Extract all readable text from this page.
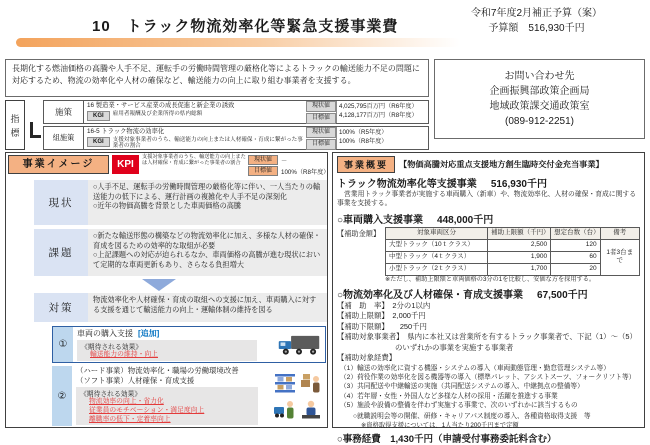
10　トラック物流効率化等緊急支援事業費
令和7年度2月補正予算（案）
予算額　516,930千円
長期化する燃油価格の高騰や人手不足、運転手の労働時間管理の厳格化等によるトラックの輸送能力不足の問題に対応するため、物流の効率化や人材の確保など、輸送能力の向上に取り組む事業者を支援する。	お問い合わせ先
企画振興部政策企画局
地域政策課交通政策室
(089-912-2251)
指
標
施策
16 製造業・サービス産業の成長促進と新企業の誘致
KGI	雇用者報酬及び企業所得の県内総額
現状値
目標値
4,025,795百万円（R6年度）
4,128,177百万円（R8年度）
組施策
16-5 トラック物流の効率化
KGI	支援対象事業者のうち、輸送能力の向上または人材確保・育成に繋がった事業者の割合
現状値
目標値
100%（R5年度）
100%（R8年度）
事業イメージ	KPI
支援対象事業者のうち、輸送能力の向上または人材確保・育成に繋がった事業者の割合
現状値	－
目標値	100%（R8年度）
現状
○人手不足、運転手の労働時間管理の厳格化等に伴い、一人当たりの輸送能力の低下による、運行計画の複雑化や人手不足の深刻化
○近年の物価高騰を背景とした車両価格の高騰
課題
○新たな輸送形態の構築などの物流効率化に加え、多様な人材の確保・育成を図るための効率的な取組が必要
○上記課題への対応が迫られるなか、車両価格の高騰が進む現状において定期的な車両更新もあり、さらなる負担増大
対策
物流効率化や人材確保・育成の取組への支援に加え、車両購入に対する支援を通じて輸送能力の向上・運輸体制の維持を図る
①
車両の購入支援 [追加]
《期待される効果》
輸送能力の維持・向上
②
（ハード事業）物流効率化・職場の労働環境改善
（ソフト事業）人材確保・育成支援
《期待される効果》
物流効率の向上・省力化
従業員のモチベーション・満足度向上
離職率の低下・定着率向上
事業概要	【物価高騰対応重点支援地方創生臨時交付金充当事業】
トラック物流効率化等支援事業 516,930千円
営業用トラック事業者が実施する車両購入（新車）や、物流効率化、人材の確保・育成に関する事業を支援する。
○車両購入支援事業 448,000千円
【補助金額】	対象車両区分	補助上限額（千円）	想定台数（台）	備考
大型トラック（10ｔクラス）	2,500	120	1者3台まで
中型トラック（4ｔクラス）	1,900	60	
小型トラック（2ｔクラス）	1,700	20	
※ただし、補助上限額と車両価格の3分の1を比較し、安価な方を採用する。
○物流効率化及び人材確保・育成支援事業 67,500千円
【補　助　率】　2分の1以内
【補助上限額】　2,000千円
【補助下限額】　　250千円
【補助対象事業者】　県内に本社又は営業所を有するトラック事業者で、下記（1）～（5）のいずれかの事業を実施する事業者
【補助対象経費】
（1）輸送の効率化に資する機器・システムの導入（車両動態管理・勤怠管理システム等）
（2）荷役作業の効率化を図る機器等の導入（標準パレット、アシストスーツ、フォークリフト等）
（3）共同配送や中継輸送の実施（共同配送システムの導入、中継拠点の整備等）
（4）若年層・女性・外国人など多様な人材の採用・活躍を推進する事業
（5）施設や設備の整備を伴わず実施する事業で、次のいずれかに該当するもの
○就職説明会等の開催、研修・キャリアパス制度の導入、各種資格取得支援　等
※資格取得支援については、1人当たり200千円まで定額
○事務経費　1,430千円（申請受付事務委託料含む）
